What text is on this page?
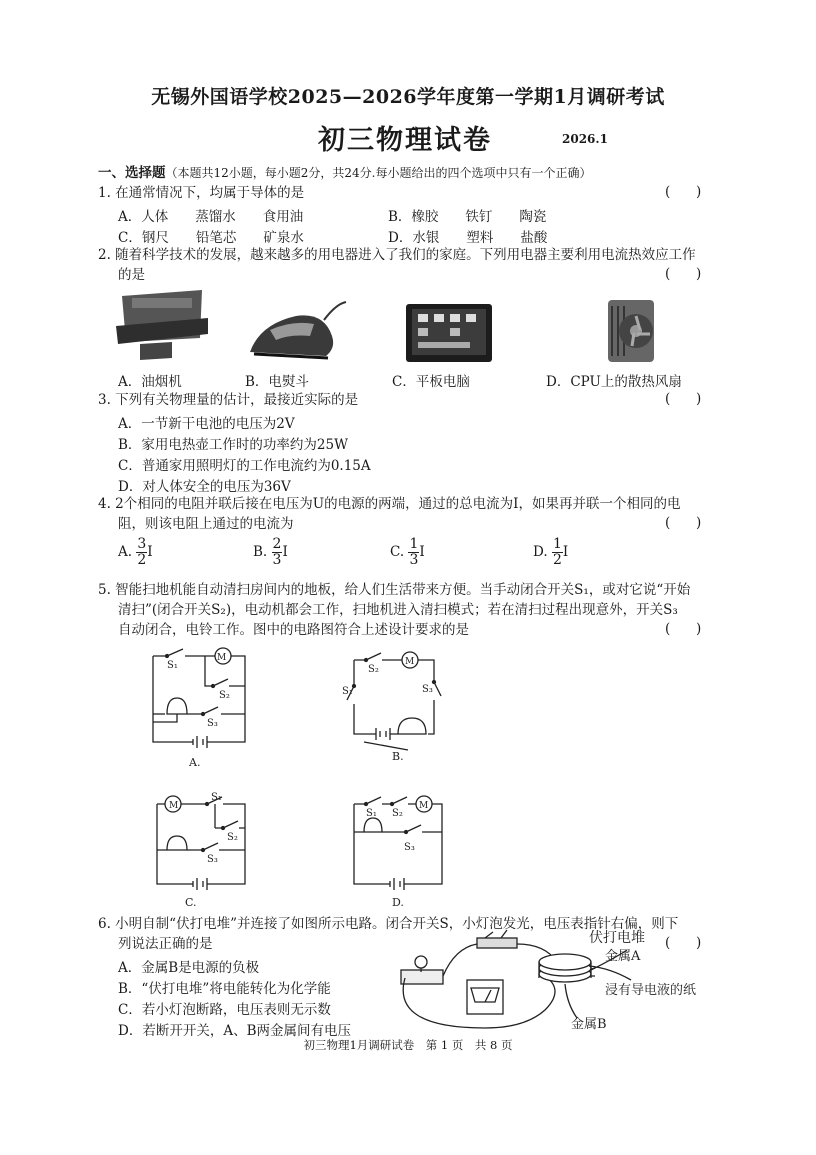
无锡外国语学校2025—2026学年度第一学期1月调研考试
初三物理试卷	2026.1
一、选择题（本题共12小题，每小题2分，共24分.每小题给出的四个选项中只有一个正确）
1. 在通常情况下，均属于导体的是	(      )
A．人体　　蒸馏水　　食用油	B．橡胶　　铁钉　　陶瓷
C．钢尺　　铅笔芯　　矿泉水	D．水银　　塑料　　盐酸
2. 随着科学技术的发展，越来越多的用电器进入了我们的家庭。下列用电器主要利用电流热效应工作
的是	(      )
A．油烟机	B．电熨斗	C．平板电脑	D．CPU上的散热风扇
3. 下列有关物理量的估计，最接近实际的是	(      )
A．一节新干电池的电压为2V
B．家用电热壶工作时的功率约为25W
C．普通家用照明灯的工作电流约为0.15A
D．对人体安全的电压为36V
4. 2个相同的电阻并联后接在电压为U的电源的两端，通过的总电流为I，如果再并联一个相同的电
阻，则该电阻上通过的电流为	(      )
A. $\frac{3}{2}$ I	B. $\frac{2}{3}$ I	C. $\frac{1}{3}$ I	D. $\frac{1}{2}$ I
5. 智能扫地机能自动清扫房间内的地板，给人们生活带来方便。当手动闭合开关S₁，或对它说“开始
清扫”(闭合开关S₂)，电动机都会工作，扫地机进入清扫模式；若在清扫过程出现意外，开关S₃
自动闭合，电铃工作。图中的电路图符合上述设计要求的是	(      )
M
S₁
S₂
S₃
A.
S₂
M
S₁	S₃
B.
M
S₁
S₂
S₃
C.
S₁ S₂
M
S₃
D.
6. 小明自制“伏打电堆”并连接了如图所示电路。闭合开关S，小灯泡发光，电压表指针右偏，则下
列说法正确的是	(      )
A．金属B是电源的负极
B．“伏打电堆”将电能转化为化学能
C．若小灯泡断路，电压表则无示数
D．若断开开关，A、B两金属间有电压
伏打电堆
金属A
浸有导电液的纸
金属B
初三物理1月调研试卷　第 1 页　共 8 页
